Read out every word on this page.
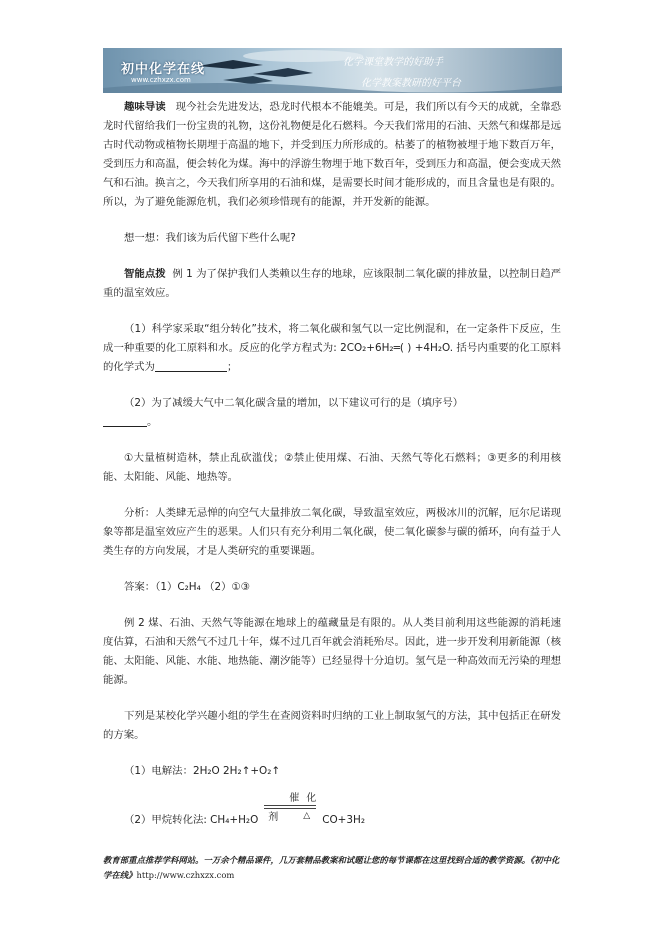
初中化学在线
www.czhxzx.com
化学课堂教学的好助手
化学教案教研的好平台

趣味导读 现今社会先进发达，恐龙时代根本不能媲美。可是，我们所以有今天的成就，全靠恐龙时代留给我们一份宝贵的礼物，这份礼物便是化石燃料。今天我们常用的石油、天然气和煤都是远古时代动物或植物长期埋于高温的地下，并受到压力所形成的。枯萎了的植物被埋于地下数百万年，受到压力和高温，便会转化为煤。海中的浮游生物埋于地下数百年，受到压力和高温，便会变成天然气和石油。换言之，今天我们所享用的石油和煤，是需要长时间才能形成的，而且含量也是有限的。所以，为了避免能源危机，我们必须珍惜现有的能源，并开发新的能源。

想一想：我们该为后代留下些什么呢?

智能点拨 例 1 为了保护我们人类赖以生存的地球，应该限制二氧化碳的排放量，以控制日趋严重的温室效应。

（1）科学家采取“组分转化”技术，将二氧化碳和氢气以一定比例混和，在一定条件下反应，生成一种重要的化工原料和水。反应的化学方程式为: 2CO₂+6H₂═( ) +4H₂O. 括号内重要的化工原料的化学式为	；

（2）为了减缓大气中二氧化碳含量的增加，以下建议可行的是（填序号）
。

①大量植树造林，禁止乱砍滥伐；②禁止使用煤、石油、天然气等化石燃料；③更多的利用核能、太阳能、风能、地热等。

分析：人类肆无忌惮的向空气大量排放二氧化碳，导致温室效应，两极冰川的沉解，厄尔尼诺现象等都是温室效应产生的恶果。人们只有充分利用二氧化碳，使二氧化碳参与碳的循环，向有益于人类生存的方向发展，才是人类研究的重要课题。

答案：（1）C₂H₄ （2）①③

例 2 煤、石油、天然气等能源在地球上的蕴藏量是有限的。从人类目前利用这些能源的消耗速度估算，石油和天然气不过几十年，煤不过几百年就会消耗殆尽。因此，进一步开发利用新能源（核能、太阳能、风能、水能、地热能、潮汐能等）已经显得十分迫切。氢气是一种高效而无污染的理想能源。

下列是某校化学兴趣小组的学生在查阅资料时归纳的工业上制取氢气的方法，其中包括正在研发的方案。

（1）电解法：2H₂O 2H₂↑+O₂↑

（2）甲烷转化法: CH₄+H₂O
催化剂	△ CO+3H₂

教育部重点推荐学科网站。一万余个精品课件，几万套精品教案和试题让您的每节课都在这里找到合适的教学资源。《初中化学在线》http://www.czhxzx.com
